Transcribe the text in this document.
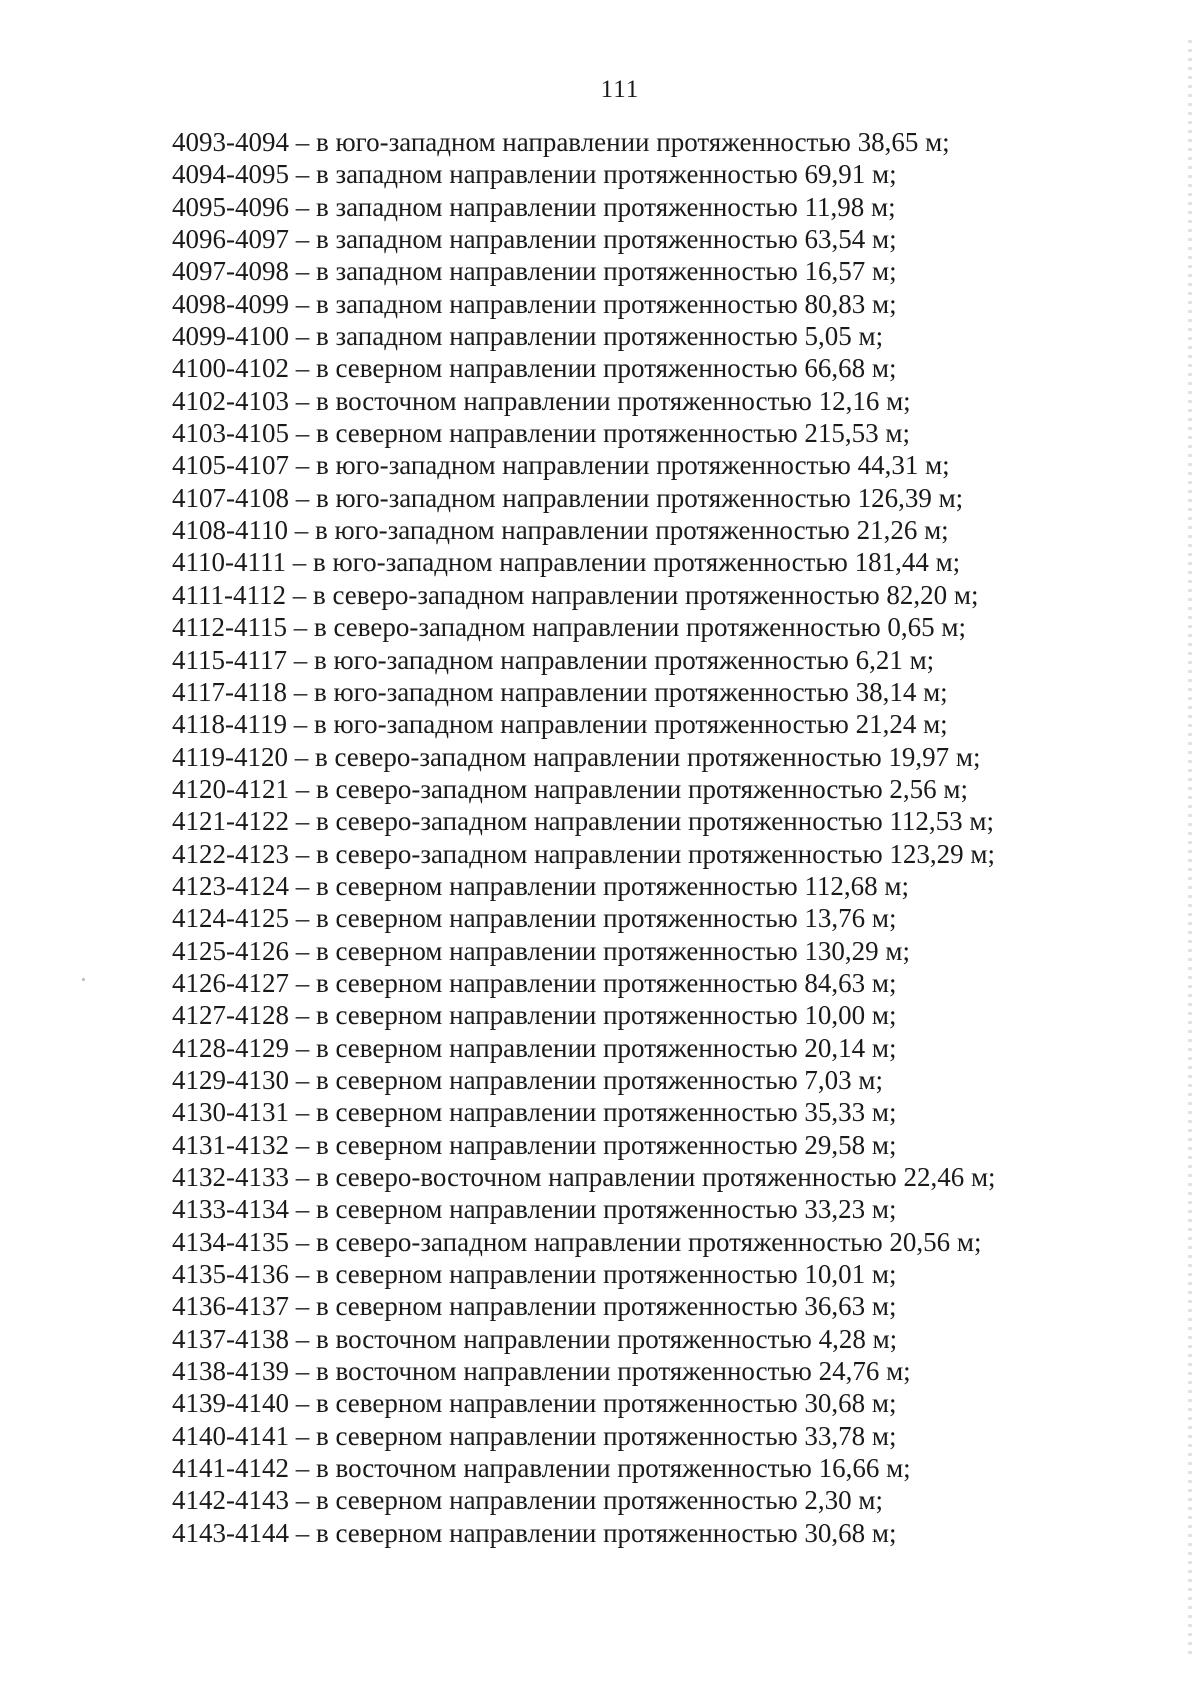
111
4093-4094 – в юго-западном направлении протяженностью 38,65 м;
4094-4095 – в западном направлении протяженностью 69,91 м;
4095-4096 – в западном направлении протяженностью 11,98 м;
4096-4097 – в западном направлении протяженностью 63,54 м;
4097-4098 – в западном направлении протяженностью 16,57 м;
4098-4099 – в западном направлении протяженностью 80,83 м;
4099-4100 – в западном направлении протяженностью 5,05 м;
4100-4102 – в северном направлении протяженностью 66,68 м;
4102-4103 – в восточном направлении протяженностью 12,16 м;
4103-4105 – в северном направлении протяженностью 215,53 м;
4105-4107 – в юго-западном направлении протяженностью 44,31 м;
4107-4108 – в юго-западном направлении протяженностью 126,39 м;
4108-4110 – в юго-западном направлении протяженностью 21,26 м;
4110-4111 – в юго-западном направлении протяженностью 181,44 м;
4111-4112 – в северо-западном направлении протяженностью 82,20 м;
4112-4115 – в северо-западном направлении протяженностью 0,65 м;
4115-4117 – в юго-западном направлении протяженностью 6,21 м;
4117-4118 – в юго-западном направлении протяженностью 38,14 м;
4118-4119 – в юго-западном направлении протяженностью 21,24 м;
4119-4120 – в северо-западном направлении протяженностью 19,97 м;
4120-4121 – в северо-западном направлении протяженностью 2,56 м;
4121-4122 – в северо-западном направлении протяженностью 112,53 м;
4122-4123 – в северо-западном направлении протяженностью 123,29 м;
4123-4124 – в северном направлении протяженностью 112,68 м;
4124-4125 – в северном направлении протяженностью 13,76 м;
4125-4126 – в северном направлении протяженностью 130,29 м;
4126-4127 – в северном направлении протяженностью 84,63 м;
4127-4128 – в северном направлении протяженностью 10,00 м;
4128-4129 – в северном направлении протяженностью 20,14 м;
4129-4130 – в северном направлении протяженностью 7,03 м;
4130-4131 – в северном направлении протяженностью 35,33 м;
4131-4132 – в северном направлении протяженностью 29,58 м;
4132-4133 – в северо-восточном направлении протяженностью 22,46 м;
4133-4134 – в северном направлении протяженностью 33,23 м;
4134-4135 – в северо-западном направлении протяженностью 20,56 м;
4135-4136 – в северном направлении протяженностью 10,01 м;
4136-4137 – в северном направлении протяженностью 36,63 м;
4137-4138 – в восточном направлении протяженностью 4,28 м;
4138-4139 – в восточном направлении протяженностью 24,76 м;
4139-4140 – в северном направлении протяженностью 30,68 м;
4140-4141 – в северном направлении протяженностью 33,78 м;
4141-4142 – в восточном направлении протяженностью 16,66 м;
4142-4143 – в северном направлении протяженностью 2,30 м;
4143-4144 – в северном направлении протяженностью 30,68 м;
